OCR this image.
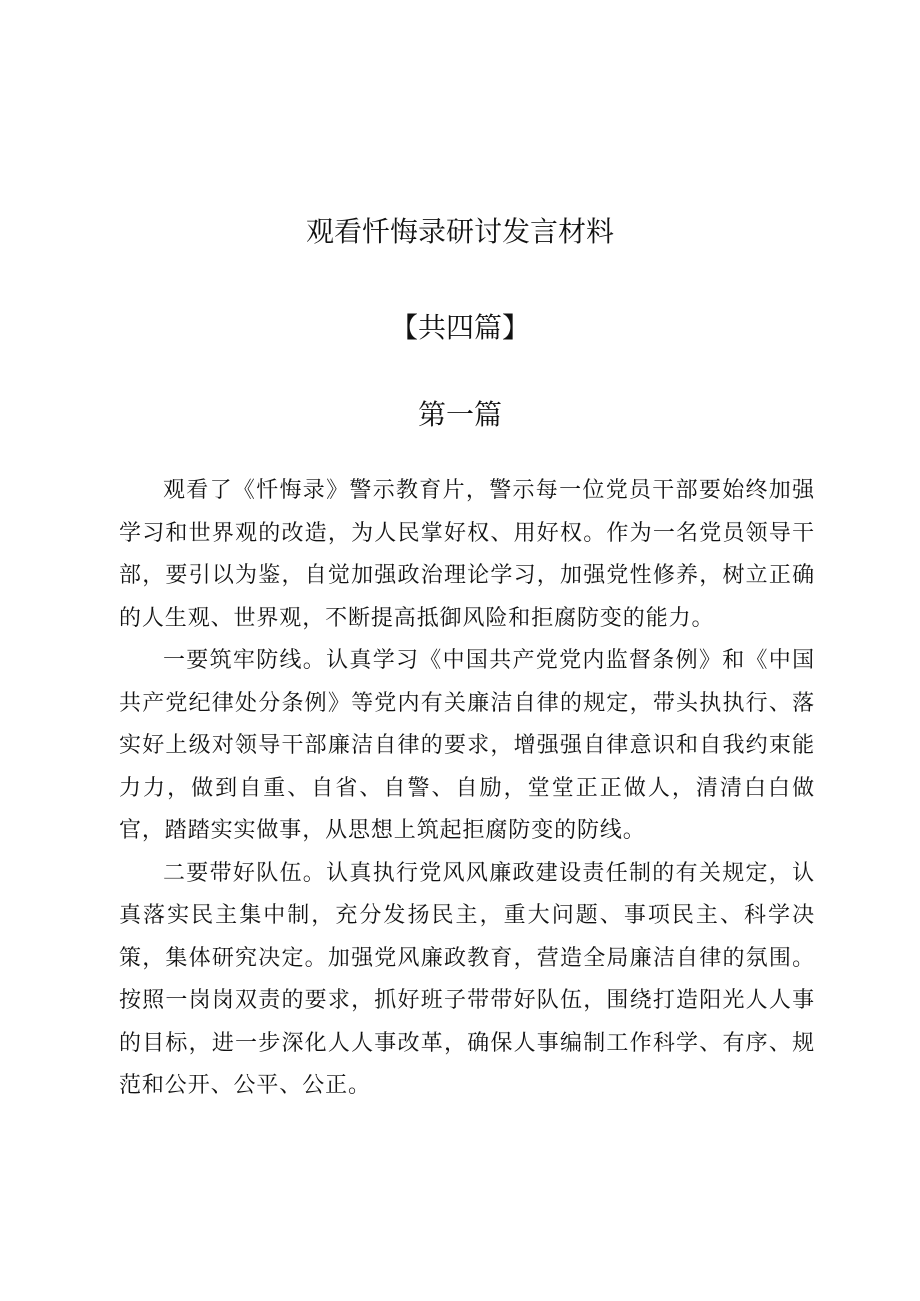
观看忏悔录研讨发言材料
【共四篇】
第一篇

观看了《忏悔录》警示教育片，警示每一位党员干部要始终加强学习和世界观的改造，为人民掌好权、用好权。作为一名党员领导干部，要引以为鉴，自觉加强政治理论学习，加强党性修养，树立正确的人生观、世界观，不断提高抵御风险和拒腐防变的能力。

一要筑牢防线。认真学习《中国共产党党内监督条例》和《中国共产党纪律处分条例》等党内有关廉洁自律的规定，带头执执行、落实好上级对领导干部廉洁自律的要求，增强强自律意识和自我约束能力力，做到自重、自省、自警、自励，堂堂正正做人，清清白白做官，踏踏实实做事，从思想上筑起拒腐防变的防线。

二要带好队伍。认真执行党风风廉政建设责任制的有关规定，认真落实民主集中制，充分发扬民主，重大问题、事项民主、科学决策，集体研究决定。加强党风廉政教育，营造全局廉洁自律的氛围。按照一岗岗双责的要求，抓好班子带带好队伍，围绕打造阳光人人事的目标，进一步深化人人事改革，确保人事编制工作科学、有序、规范和公开、公平、公正。
